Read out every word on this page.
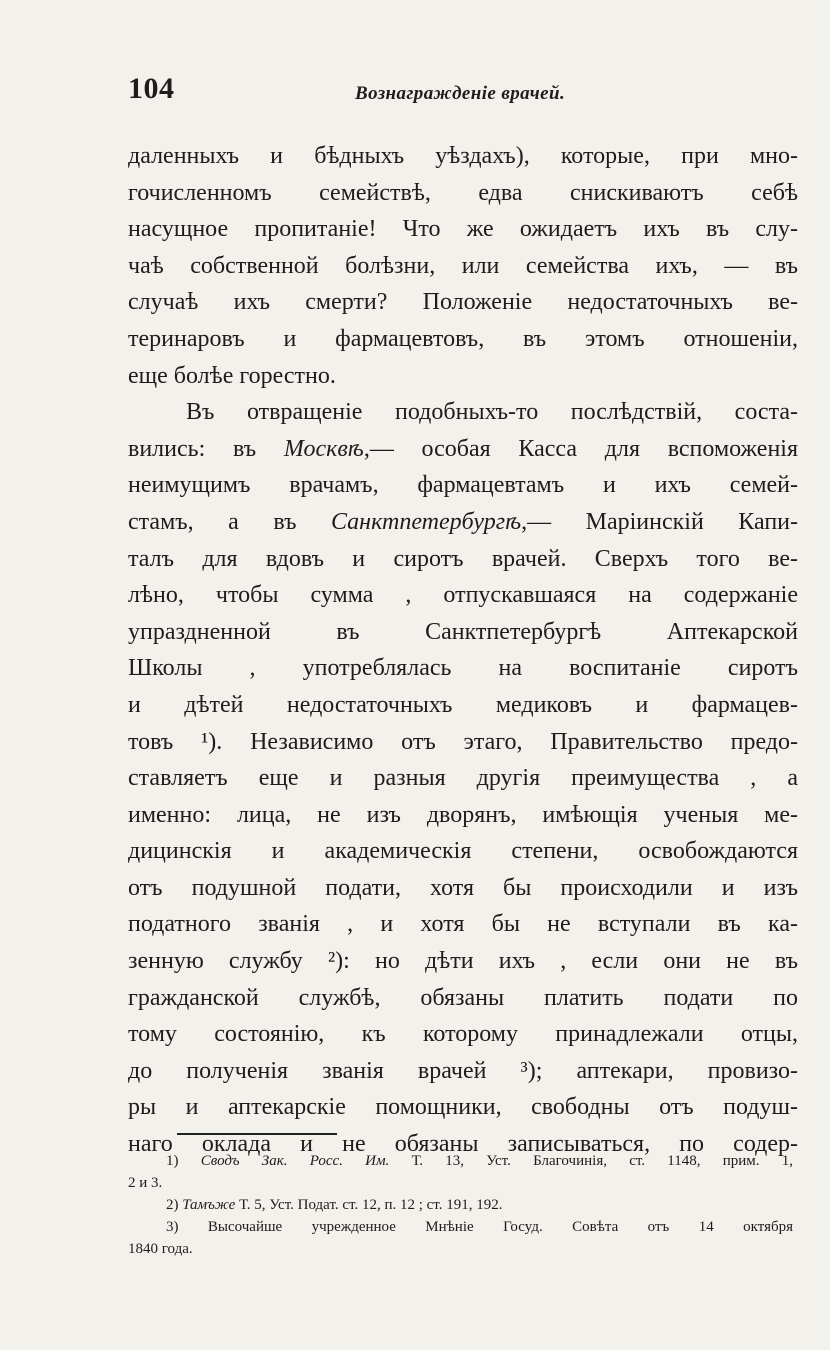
104	Вознагражденіе врачей.
даленныхъ и бѣдныхъ уѣздахъ), которые, при мно-
гочисленномъ семействѣ, едва снискиваютъ себѣ
насущное пропитанiе! Что же ожидаетъ ихъ въ слу-
чаѣ собственной болѣзни, или семейства ихъ, — въ
случаѣ ихъ смерти? Положенiе недостаточныхъ ве-
теринаровъ и фармацевтовъ, въ этомъ отношенiи,
еще болѣе горестно.
Въ отвращенiе подобныхъ-то послѣдствiй, соста-
вились: въ Москвѣ,— особая Касса для вспоможенiя
неимущимъ врачамъ, фармацевтамъ и ихъ семей-
стамъ, а въ Санктпетербургѣ,— Марiинскiй Капи-
талъ для вдовъ и сиротъ врачей. Сверхъ того ве-
лѣно, чтобы сумма , отпускавшаяся на содержанiе
упраздненной въ Санктпетербургѣ Аптекарской
Школы , употреблялась на воспитанiе сиротъ
и дѣтей недостаточныхъ медиковъ и фармацев-
товъ ¹). Независимо отъ этаго, Правительство предо-
ставляетъ еще и разныя другiя преимущества , а
именно: лица, не изъ дворянъ, имѣющiя ученыя ме-
дицинскiя и академическiя степени, освобождаются
отъ подушной подати, хотя бы происходили и изъ
податного званiя , и хотя бы не вступали въ ка-
зенную службу ²): но дѣти ихъ , если они не въ
гражданской службѣ, обязаны платить подати по
тому состоянiю, къ которому принадлежали отцы,
до полученiя званiя врачей ³); аптекари, провизо-
ры и аптекарскiе помощники, свободны отъ подуш-
наго оклада и не обязаны записываться, по содер-
1) Сводъ Зак. Росс. Им. Т. 13, Уст. Благочинія, ст. 1148, прим. 1,
2 и 3.
2) Тамъже Т. 5, Уст. Подат. ст. 12, п. 12 ; ст. 191, 192.
3) Высочайше учрежденное Мнѣніе Госуд. Совѣта отъ 14 октября
1840 года.
